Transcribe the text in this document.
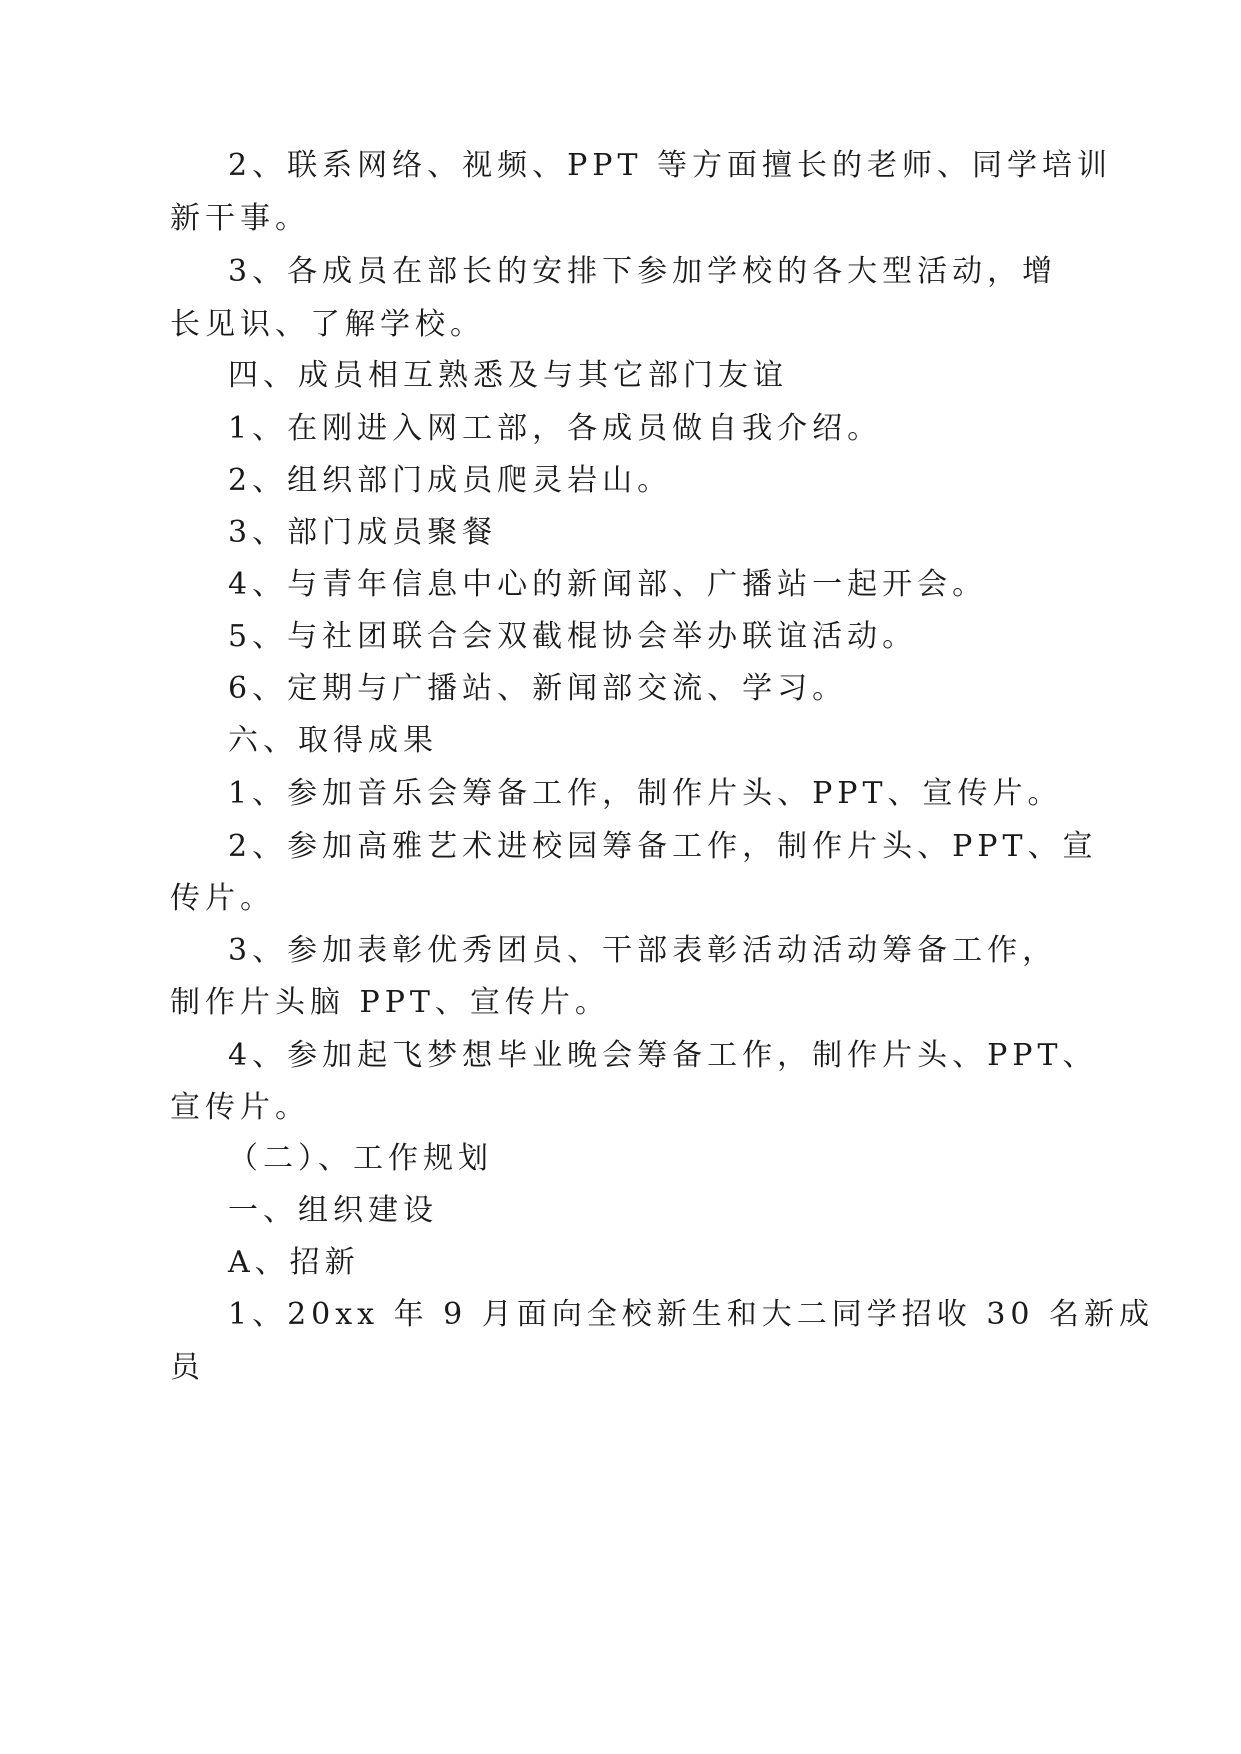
2、联系网络、视频、PPT 等方面擅长的老师、同学培训
新干事。
3、各成员在部长的安排下参加学校的各大型活动，增
长见识、了解学校。
四、成员相互熟悉及与其它部门友谊
1、在刚进入网工部，各成员做自我介绍。
2、组织部门成员爬灵岩山。
3、部门成员聚餐
4、与青年信息中心的新闻部、广播站一起开会。
5、与社团联合会双截棍协会举办联谊活动。
6、定期与广播站、新闻部交流、学习。
六、取得成果
1、参加音乐会筹备工作，制作片头、PPT、宣传片。
2、参加高雅艺术进校园筹备工作，制作片头、PPT、宣
传片。
3、参加表彰优秀团员、干部表彰活动活动筹备工作，
制作片头脑 PPT、宣传片。
4、参加起飞梦想毕业晚会筹备工作，制作片头、PPT、
宣传片。
（二）、工作规划
一、组织建设
A、招新
1、20xx 年 9 月面向全校新生和大二同学招收 30 名新成
员
